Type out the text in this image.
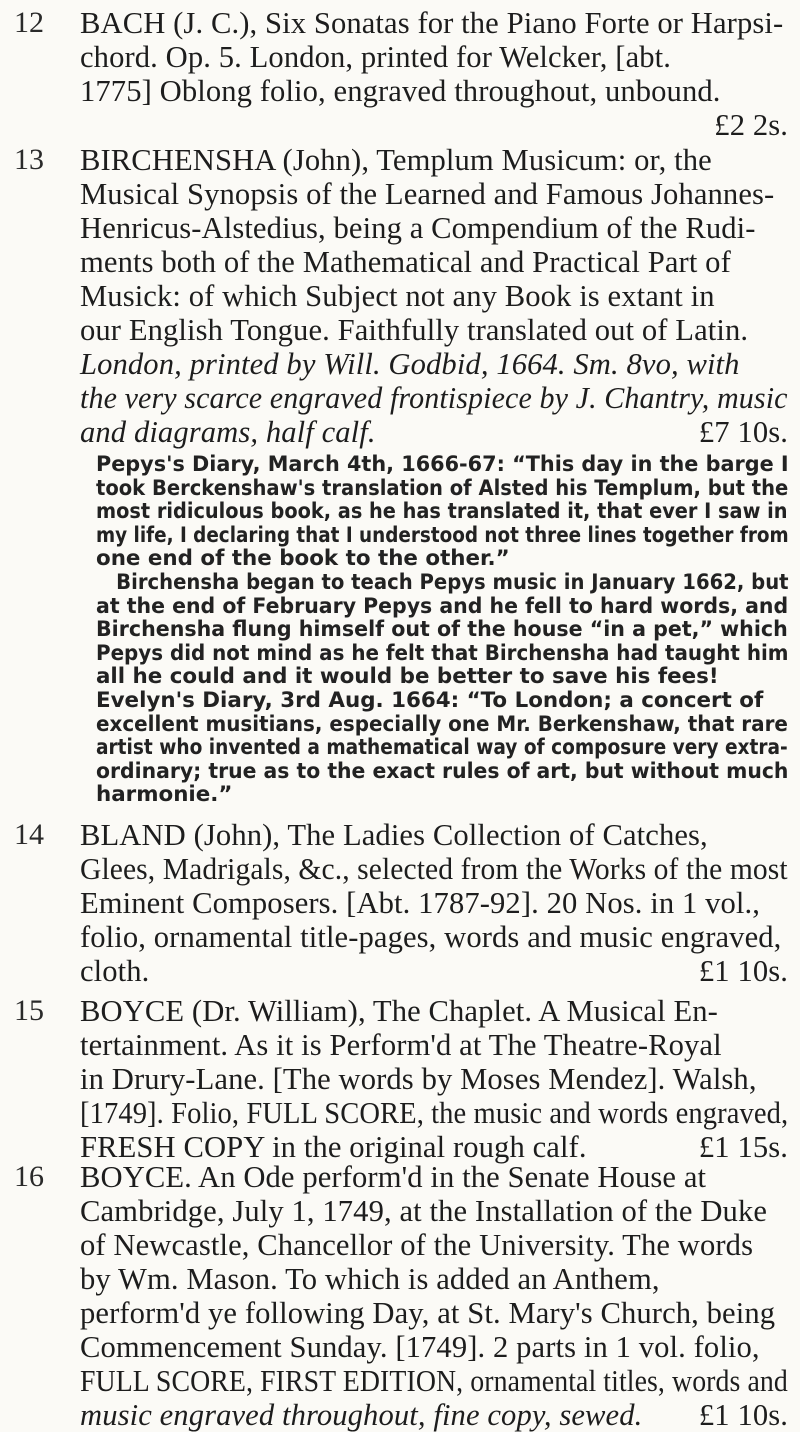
12 BACH (J. C.), Six Sonatas for the Piano Forte or Harpsi-
chord. Op. 5. London, printed for Welcker, [abt.
1775] Oblong folio, engraved throughout, unbound.
£2 2s.

13 BIRCHENSHA (John), Templum Musicum: or, the
Musical Synopsis of the Learned and Famous Johannes-
Henricus-Alstedius, being a Compendium of the Rudi-
ments both of the Mathematical and Practical Part of
Musick: of which Subject not any Book is extant in
our English Tongue. Faithfully translated out of Latin.
London, printed by Will. Godbid, 1664. Sm. 8vo, with
the very scarce engraved frontispiece by J. Chantry, music
and diagrams, half calf.	£7 10s.
Pepys's Diary, March 4th, 1666-67: “This day in the barge I
took Berckenshaw's translation of Alsted his Templum, but the
most ridiculous book, as he has translated it, that ever I saw in
my life, I declaring that I understood not three lines together from
one end of the book to the other.”
Birchensha began to teach Pepys music in January 1662, but
at the end of February Pepys and he fell to hard words, and
Birchensha flung himself out of the house “in a pet,” which
Pepys did not mind as he felt that Birchensha had taught him
all he could and it would be better to save his fees!
Evelyn's Diary, 3rd Aug. 1664: “To London; a concert of
excellent musitians, especially one Mr. Berkenshaw, that rare
artist who invented a mathematical way of composure very extra-
ordinary; true as to the exact rules of art, but without much
harmonie.”
14 BLAND (John), The Ladies Collection of Catches,
Glees, Madrigals, &c., selected from the Works of the most
Eminent Composers. [Abt. 1787-92]. 20 Nos. in 1 vol.,
folio, ornamental title-pages, words and music engraved,
cloth.	£1 10s.
15 BOYCE (Dr. William), The Chaplet. A Musical En-
tertainment. As it is Perform'd at The Theatre-Royal
in Drury-Lane. [The words by Moses Mendez]. Walsh,
[1749]. Folio, FULL SCORE, the music and words engraved,
FRESH COPY in the original rough calf.	£1 15s.
16 BOYCE. An Ode perform'd in the Senate House at
Cambridge, July 1, 1749, at the Installation of the Duke
of Newcastle, Chancellor of the University. The words
by Wm. Mason. To which is added an Anthem,
perform'd ye following Day, at St. Mary's Church, being
Commencement Sunday. [1749]. 2 parts in 1 vol. folio,
FULL SCORE, FIRST EDITION, ornamental titles, words and
music engraved throughout, fine copy, sewed. £1 10s.
